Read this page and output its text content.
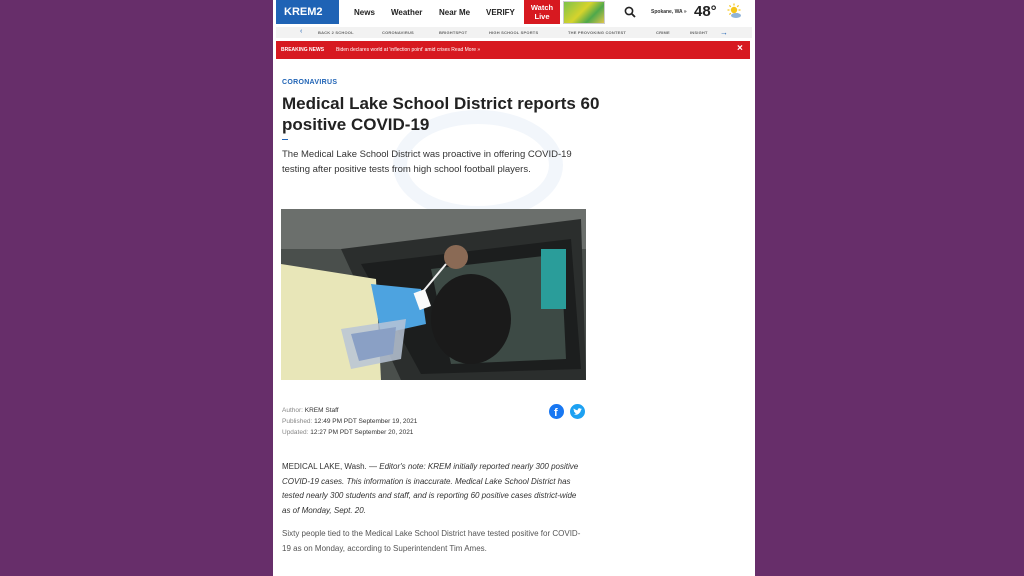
KREM2	News Weather Near Me VERIFY
Watch Live	Spokane, WA » 48°
‹	BACK 2 SCHOOL	CORONAVIRUS	BRIGHTSPOT	HIGH SCHOOL SPORTS	THE PROVOKING CONTEST	CRIME	INSIGHT →
BREAKING NEWS Biden declares world at 'inflection point' amid crises Read More »	×
CORONAVIRUS
Medical Lake School District reports 60 positive COVID-19

The Medical Lake School District was proactive in offering COVID-19 testing after positive tests from high school football players.

Author: KREM Staff
Published: 12:49 PM PDT September 19, 2021
Updated: 12:27 PM PDT September 20, 2021
f

MEDICAL LAKE, Wash. — Editor's note: KREM initially reported nearly 300 positive COVID-19 cases. This information is inaccurate. Medical Lake School District has tested nearly 300 students and staff, and is reporting 60 positive cases district-wide as of Monday, Sept. 20.

Sixty people tied to the Medical Lake School District have tested positive for COVID-19 as on Monday, according to Superintendent Tim Ames.
